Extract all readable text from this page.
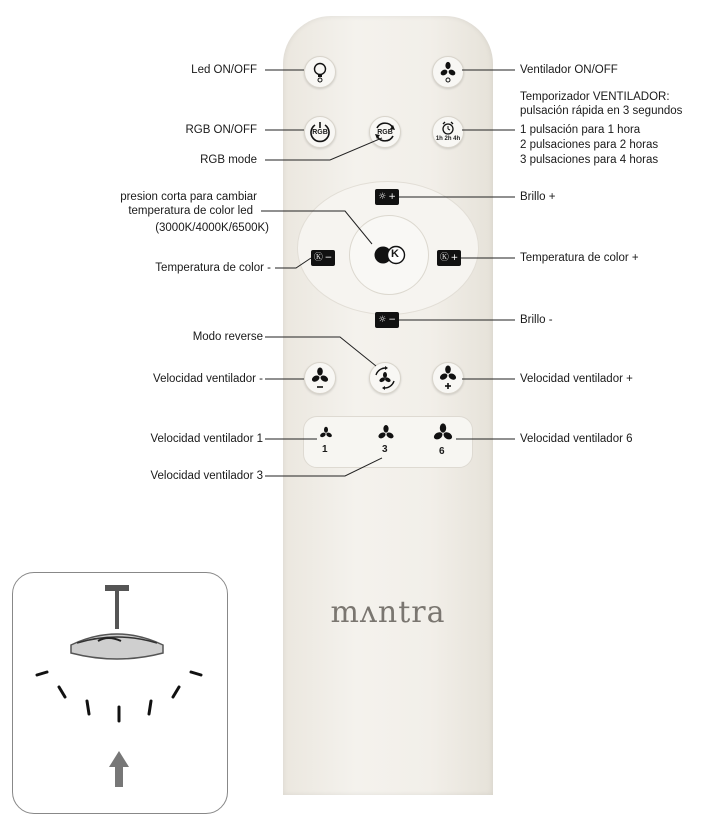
RGB	RGB
1h 2h 4h
☼ +
Ⓚ −	Ⓚ +
☼ −
K
1	3	6
mʌntra
Led ON/OFF
RGB ON/OFF
RGB mode
presion corta para cambiar
temperatura de color led
(3000K/4000K/6500K)
Temperatura de color -
Modo reverse
Velocidad ventilador -
Velocidad ventilador 1
Velocidad ventilador 3
Ventilador ON/OFF
Temporizador VENTILADOR:
pulsación rápida en 3 segundos
1 pulsación para 1 hora
2 pulsaciones para 2 horas
3 pulsaciones para 4 horas
Brillo +
Temperatura de color +
Brillo -
Velocidad ventilador +
Velocidad ventilador 6
